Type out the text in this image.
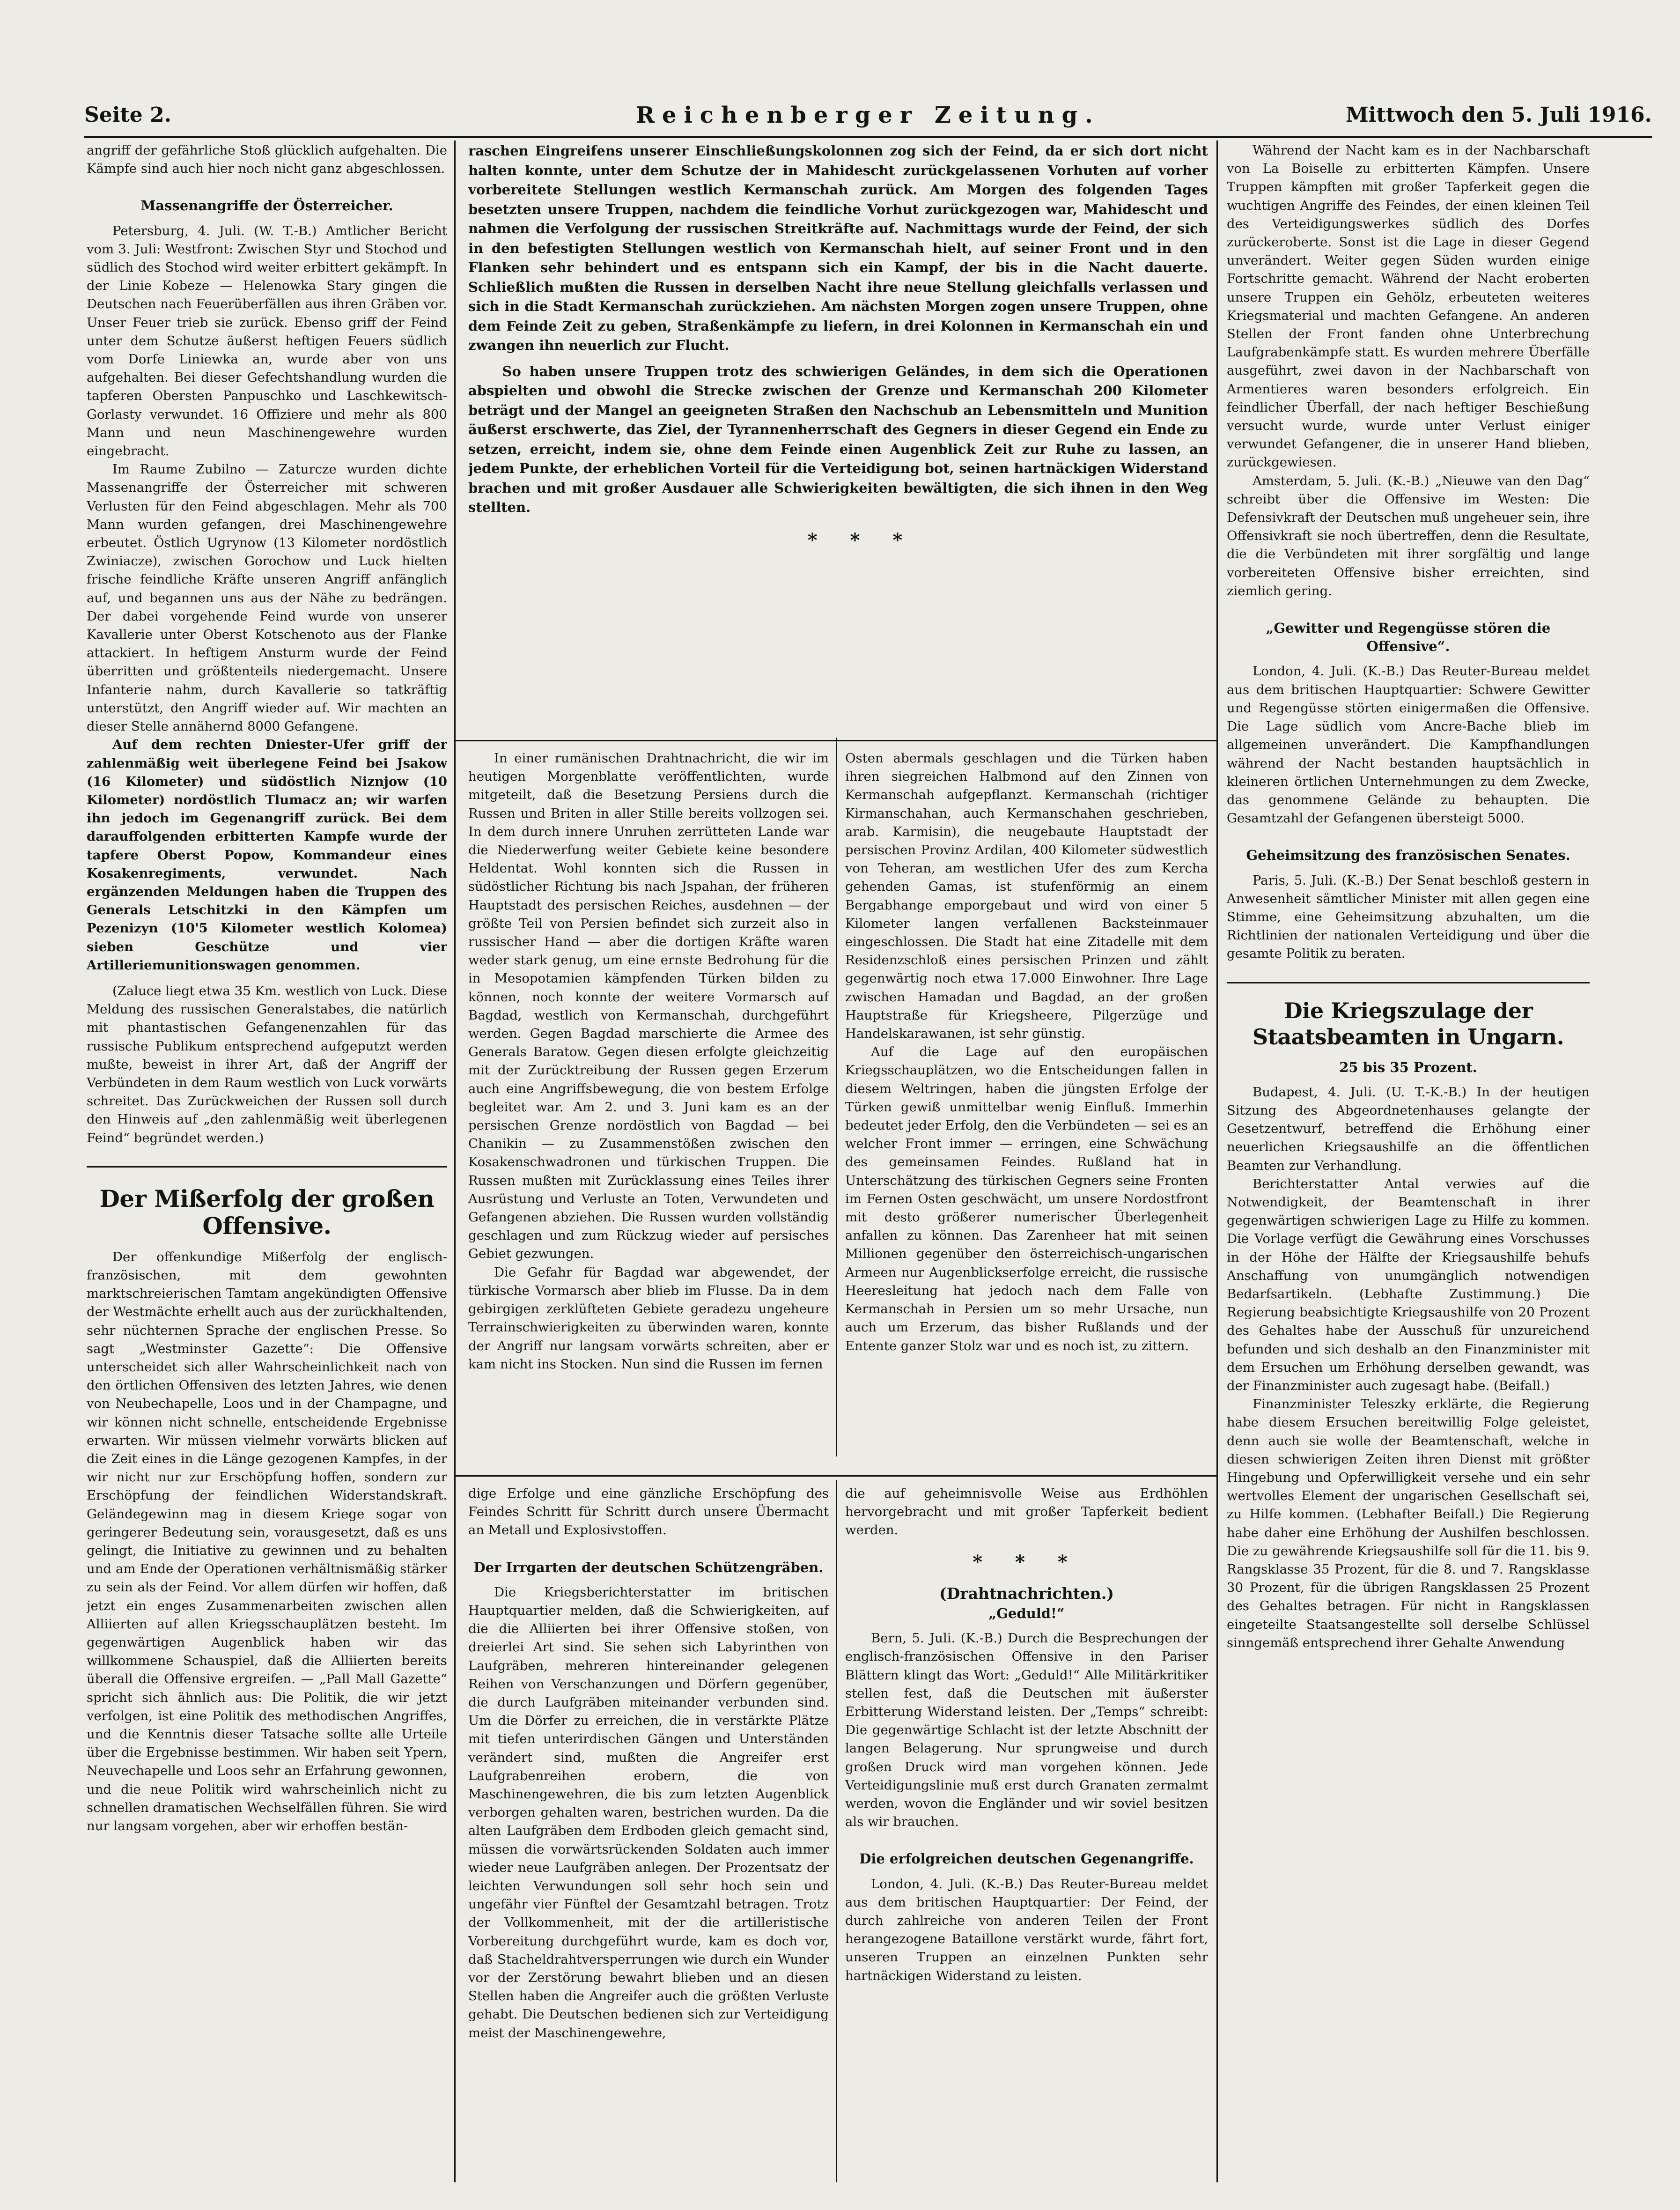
Seite 2.	Reichenberger Zeitung.	Mittwoch den 5. Juli 1916.

angriff der gefährliche Stoß glücklich aufgehalten. Die Kämpfe sind auch hier noch nicht ganz abgeschlossen.

Massenangriffe der Österreicher.

Petersburg, 4. Juli. (W. T.-B.) Amtlicher Bericht vom 3. Juli: Westfront: Zwischen Styr und Stochod und südlich des Stochod wird weiter erbittert gekämpft. In der Linie Kobeze — Helenowka Stary gingen die Deutschen nach Feuerüberfällen aus ihren Gräben vor. Unser Feuer trieb sie zurück. Ebenso griff der Feind unter dem Schutze äußerst heftigen Feuers südlich vom Dorfe Liniewka an, wurde aber von uns aufgehalten. Bei dieser Gefechtshandlung wurden die tapferen Obersten Panpuschko und Laschkewitsch-Gorlasty verwundet. 16 Offiziere und mehr als 800 Mann und neun Maschinengewehre wurden eingebracht.

Im Raume Zubilno — Zaturcze wurden dichte Massenangriffe der Österreicher mit schweren Verlusten für den Feind abgeschlagen. Mehr als 700 Mann wurden gefangen, drei Maschinengewehre erbeutet. Östlich Ugrynow (13 Kilometer nordöstlich Zwiniacze), zwischen Gorochow und Luck hielten frische feindliche Kräfte unseren Angriff anfänglich auf, und begannen uns aus der Nähe zu bedrängen. Der dabei vorgehende Feind wurde von unserer Kavallerie unter Oberst Kotschenoto aus der Flanke attackiert. In heftigem Ansturm wurde der Feind überritten und größtenteils niedergemacht. Unsere Infanterie nahm, durch Kavallerie so tatkräftig unterstützt, den Angriff wieder auf. Wir machten an dieser Stelle annähernd 8000 Gefangene.

Auf dem rechten Dniester-Ufer griff der zahlenmäßig weit überlegene Feind bei Jsakow (16 Kilometer) und südöstlich Niznjow (10 Kilometer) nordöstlich Tlumacz an; wir warfen ihn jedoch im Gegenangriff zurück. Bei dem darauffolgenden erbitterten Kampfe wurde der tapfere Oberst Popow, Kommandeur eines Kosakenregiments, verwundet. Nach ergänzenden Meldungen haben die Truppen des Generals Letschitzki in den Kämpfen um Pezenizyn (10'5 Kilometer westlich Kolomea) sieben Geschütze und vier Artilleriemunitionswagen genommen.

(Zaluce liegt etwa 35 Km. westlich von Luck. Diese Meldung des russischen Generalstabes, die natürlich mit phantastischen Gefangenenzahlen für das russische Publikum entsprechend aufgeputzt werden mußte, beweist in ihrer Art, daß der Angriff der Verbündeten in dem Raum westlich von Luck vorwärts schreitet. Das Zurückweichen der Russen soll durch den Hinweis auf „den zahlenmäßig weit überlegenen Feind“ begründet werden.)

Der Mißerfolg der großen Offensive.

Der offenkundige Mißerfolg der englisch-französischen, mit dem gewohnten marktschreierischen Tamtam angekündigten Offensive der Westmächte erhellt auch aus der zurückhaltenden, sehr nüchternen Sprache der englischen Presse. So sagt „Westminster Gazette“: Die Offensive unterscheidet sich aller Wahrscheinlichkeit nach von den örtlichen Offensiven des letzten Jahres, wie denen von Neubechapelle, Loos und in der Champagne, und wir können nicht schnelle, entscheidende Ergebnisse erwarten. Wir müssen vielmehr vorwärts blicken auf die Zeit eines in die Länge gezogenen Kampfes, in der wir nicht nur zur Erschöpfung hoffen, sondern zur Erschöpfung der feindlichen Widerstandskraft. Geländegewinn mag in diesem Kriege sogar von geringerer Bedeutung sein, vorausgesetzt, daß es uns gelingt, die Initiative zu gewinnen und zu behalten und am Ende der Operationen verhältnismäßig stärker zu sein als der Feind. Vor allem dürfen wir hoffen, daß jetzt ein enges Zusammenarbeiten zwischen allen Alliierten auf allen Kriegsschauplätzen besteht. Im gegenwärtigen Augenblick haben wir das willkommene Schauspiel, daß die Alliierten bereits überall die Offensive ergreifen. — „Pall Mall Gazette“ spricht sich ähnlich aus: Die Politik, die wir jetzt verfolgen, ist eine Politik des methodischen Angriffes, und die Kenntnis dieser Tatsache sollte alle Urteile über die Ergebnisse bestimmen. Wir haben seit Ypern, Neuvechapelle und Loos sehr an Erfahrung gewonnen, und die neue Politik wird wahrscheinlich nicht zu schnellen dramatischen Wechselfällen führen. Sie wird nur langsam vorgehen, aber wir erhoffen bestän-

raschen Eingreifens unserer Einschließungskolonnen zog sich der Feind, da er sich dort nicht halten konnte, unter dem Schutze der in Mahidescht zurückgelassenen Vorhuten auf vorher vorbereitete Stellungen westlich Kermanschah zurück. Am Morgen des folgenden Tages besetzten unsere Truppen, nachdem die feindliche Vorhut zurückgezogen war, Mahidescht und nahmen die Verfolgung der russischen Streitkräfte auf. Nachmittags wurde der Feind, der sich in den befestigten Stellungen westlich von Kermanschah hielt, auf seiner Front und in den Flanken sehr behindert und es entspann sich ein Kampf, der bis in die Nacht dauerte. Schließlich mußten die Russen in derselben Nacht ihre neue Stellung gleichfalls verlassen und sich in die Stadt Kermanschah zurückziehen. Am nächsten Morgen zogen unsere Truppen, ohne dem Feinde Zeit zu geben, Straßenkämpfe zu liefern, in drei Kolonnen in Kermanschah ein und zwangen ihn neuerlich zur Flucht.

So haben unsere Truppen trotz des schwierigen Geländes, in dem sich die Operationen abspielten und obwohl die Strecke zwischen der Grenze und Kermanschah 200 Kilometer beträgt und der Mangel an geeigneten Straßen den Nachschub an Lebensmitteln und Munition äußerst erschwerte, das Ziel, der Tyrannenherrschaft des Gegners in dieser Gegend ein Ende zu setzen, erreicht, indem sie, ohne dem Feinde einen Augenblick Zeit zur Ruhe zu lassen, an jedem Punkte, der erheblichen Vorteil für die Verteidigung bot, seinen hartnäckigen Widerstand brachen und mit großer Ausdauer alle Schwierigkeiten bewältigten, die sich ihnen in den Weg stellten.

* * *

In einer rumänischen Drahtnachricht, die wir im heutigen Morgenblatte veröffentlichten, wurde mitgeteilt, daß die Besetzung Persiens durch die Russen und Briten in aller Stille bereits vollzogen sei. In dem durch innere Unruhen zerrütteten Lande war die Niederwerfung weiter Gebiete keine besondere Heldentat. Wohl konnten sich die Russen in südöstlicher Richtung bis nach Jspahan, der früheren Hauptstadt des persischen Reiches, ausdehnen — der größte Teil von Persien befindet sich zurzeit also in russischer Hand — aber die dortigen Kräfte waren weder stark genug, um eine ernste Bedrohung für die in Mesopotamien kämpfenden Türken bilden zu können, noch konnte der weitere Vormarsch auf Bagdad, westlich von Kermanschah, durchgeführt werden. Gegen Bagdad marschierte die Armee des Generals Baratow. Gegen diesen erfolgte gleichzeitig mit der Zurücktreibung der Russen gegen Erzerum auch eine Angriffsbewegung, die von bestem Erfolge begleitet war. Am 2. und 3. Juni kam es an der persischen Grenze nordöstlich von Bagdad — bei Chanikin — zu Zusammenstößen zwischen den Kosakenschwadronen und türkischen Truppen. Die Russen mußten mit Zurücklassung eines Teiles ihrer Ausrüstung und Verluste an Toten, Verwundeten und Gefangenen abziehen. Die Russen wurden vollständig geschlagen und zum Rückzug wieder auf persisches Gebiet gezwungen.

Die Gefahr für Bagdad war abgewendet, der türkische Vormarsch aber blieb im Flusse. Da in dem gebirgigen zerklüfteten Gebiete geradezu ungeheure Terrainschwierigkeiten zu überwinden waren, konnte der Angriff nur langsam vorwärts schreiten, aber er kam nicht ins Stocken. Nun sind die Russen im fernen

Osten abermals geschlagen und die Türken haben ihren siegreichen Halbmond auf den Zinnen von Kermanschah aufgepflanzt. Kermanschah (richtiger Kirmanschahan, auch Kermanschahen geschrieben, arab. Karmisin), die neugebaute Hauptstadt der persischen Provinz Ardilan, 400 Kilometer südwestlich von Teheran, am westlichen Ufer des zum Kercha gehenden Gamas, ist stufenförmig an einem Bergabhange emporgebaut und wird von einer 5 Kilometer langen verfallenen Backsteinmauer eingeschlossen. Die Stadt hat eine Zitadelle mit dem Residenzschloß eines persischen Prinzen und zählt gegenwärtig noch etwa 17.000 Einwohner. Ihre Lage zwischen Hamadan und Bagdad, an der großen Hauptstraße für Kriegsheere, Pilgerzüge und Handelskarawanen, ist sehr günstig.

Auf die Lage auf den europäischen Kriegsschauplätzen, wo die Entscheidungen fallen in diesem Weltringen, haben die jüngsten Erfolge der Türken gewiß unmittelbar wenig Einfluß. Immerhin bedeutet jeder Erfolg, den die Verbündeten — sei es an welcher Front immer — erringen, eine Schwächung des gemeinsamen Feindes. Rußland hat in Unterschätzung des türkischen Gegners seine Fronten im Fernen Osten geschwächt, um unsere Nordostfront mit desto größerer numerischer Überlegenheit anfallen zu können. Das Zarenheer hat mit seinen Millionen gegenüber den österreichisch-ungarischen Armeen nur Augenblickserfolge erreicht, die russische Heeresleitung hat jedoch nach dem Falle von Kermanschah in Persien um so mehr Ursache, nun auch um Erzerum, das bisher Rußlands und der Entente ganzer Stolz war und es noch ist, zu zittern.

dige Erfolge und eine gänzliche Erschöpfung des Feindes Schritt für Schritt durch unsere Übermacht an Metall und Explosivstoffen.

Der Irrgarten der deutschen Schützengräben.

Die Kriegsberichterstatter im britischen Hauptquartier melden, daß die Schwierigkeiten, auf die die Alliierten bei ihrer Offensive stoßen, von dreierlei Art sind. Sie sehen sich Labyrinthen von Laufgräben, mehreren hintereinander gelegenen Reihen von Verschanzungen und Dörfern gegenüber, die durch Laufgräben miteinander verbunden sind. Um die Dörfer zu erreichen, die in verstärkte Plätze mit tiefen unterirdischen Gängen und Unterständen verändert sind, mußten die Angreifer erst Laufgrabenreihen erobern, die von Maschinengewehren, die bis zum letzten Augenblick verborgen gehalten waren, bestrichen wurden. Da die alten Laufgräben dem Erdboden gleich gemacht sind, müssen die vorwärtsrückenden Soldaten auch immer wieder neue Laufgräben anlegen. Der Prozentsatz der leichten Verwundungen soll sehr hoch sein und ungefähr vier Fünftel der Gesamtzahl betragen. Trotz der Vollkommenheit, mit der die artilleristische Vorbereitung durchgeführt wurde, kam es doch vor, daß Stacheldrahtversperrungen wie durch ein Wunder vor der Zerstörung bewahrt blieben und an diesen Stellen haben die Angreifer auch die größten Verluste gehabt. Die Deutschen bedienen sich zur Verteidigung meist der Maschinengewehre,

die auf geheimnisvolle Weise aus Erdhöhlen hervorgebracht und mit großer Tapferkeit bedient werden.

* * *

(Drahtnachrichten.)

„Geduld!“

Bern, 5. Juli. (K.-B.) Durch die Besprechungen der englisch-französischen Offensive in den Pariser Blättern klingt das Wort: „Geduld!“ Alle Militärkritiker stellen fest, daß die Deutschen mit äußerster Erbitterung Widerstand leisten. Der „Temps“ schreibt: Die gegenwärtige Schlacht ist der letzte Abschnitt der langen Belagerung. Nur sprungweise und durch großen Druck wird man vorgehen können. Jede Verteidigungslinie muß erst durch Granaten zermalmt werden, wovon die Engländer und wir soviel besitzen als wir brauchen.

Die erfolgreichen deutschen Gegenangriffe.

London, 4. Juli. (K.-B.) Das Reuter-Bureau meldet aus dem britischen Hauptquartier: Der Feind, der durch zahlreiche von anderen Teilen der Front herangezogene Bataillone verstärkt wurde, fährt fort, unseren Truppen an einzelnen Punkten sehr hartnäckigen Widerstand zu leisten.

Während der Nacht kam es in der Nachbarschaft von La Boiselle zu erbitterten Kämpfen. Unsere Truppen kämpften mit großer Tapferkeit gegen die wuchtigen Angriffe des Feindes, der einen kleinen Teil des Verteidigungswerkes südlich des Dorfes zurückeroberte. Sonst ist die Lage in dieser Gegend unverändert. Weiter gegen Süden wurden einige Fortschritte gemacht. Während der Nacht eroberten unsere Truppen ein Gehölz, erbeuteten weiteres Kriegsmaterial und machten Gefangene. An anderen Stellen der Front fanden ohne Unterbrechung Laufgrabenkämpfe statt. Es wurden mehrere Überfälle ausgeführt, zwei davon in der Nachbarschaft von Armentieres waren besonders erfolgreich. Ein feindlicher Überfall, der nach heftiger Beschießung versucht wurde, wurde unter Verlust einiger verwundet Gefangener, die in unserer Hand blieben, zurückgewiesen.

Amsterdam, 5. Juli. (K.-B.) „Nieuwe van den Dag“ schreibt über die Offensive im Westen: Die Defensivkraft der Deutschen muß ungeheuer sein, ihre Offensivkraft sie noch übertreffen, denn die Resultate, die die Verbündeten mit ihrer sorgfältig und lange vorbereiteten Offensive bisher erreichten, sind ziemlich gering.

„Gewitter und Regengüsse stören die Offensive“.

London, 4. Juli. (K.-B.) Das Reuter-Bureau meldet aus dem britischen Hauptquartier: Schwere Gewitter und Regengüsse störten einigermaßen die Offensive. Die Lage südlich vom Ancre-Bache blieb im allgemeinen unverändert. Die Kampfhandlungen während der Nacht bestanden hauptsächlich in kleineren örtlichen Unternehmungen zu dem Zwecke, das genommene Gelände zu behaupten. Die Gesamtzahl der Gefangenen übersteigt 5000.

Geheimsitzung des französischen Senates.

Paris, 5. Juli. (K.-B.) Der Senat beschloß gestern in Anwesenheit sämtlicher Minister mit allen gegen eine Stimme, eine Geheimsitzung abzuhalten, um die Richtlinien der nationalen Verteidigung und über die gesamte Politik zu beraten.

Die Kriegszulage der Staatsbeamten in Ungarn.

25 bis 35 Prozent.

Budapest, 4. Juli. (U. T.-K.-B.) In der heutigen Sitzung des Abgeordnetenhauses gelangte der Gesetzentwurf, betreffend die Erhöhung einer neuerlichen Kriegsaushilfe an die öffentlichen Beamten zur Verhandlung.

Berichterstatter Antal verwies auf die Notwendigkeit, der Beamtenschaft in ihrer gegenwärtigen schwierigen Lage zu Hilfe zu kommen. Die Vorlage verfügt die Gewährung eines Vorschusses in der Höhe der Hälfte der Kriegsaushilfe behufs Anschaffung von unumgänglich notwendigen Bedarfsartikeln. (Lebhafte Zustimmung.) Die Regierung beabsichtigte Kriegsaushilfe von 20 Prozent des Gehaltes habe der Ausschuß für unzureichend befunden und sich deshalb an den Finanzminister mit dem Ersuchen um Erhöhung derselben gewandt, was der Finanzminister auch zugesagt habe. (Beifall.)

Finanzminister Teleszky erklärte, die Regierung habe diesem Ersuchen bereitwillig Folge geleistet, denn auch sie wolle der Beamtenschaft, welche in diesen schwierigen Zeiten ihren Dienst mit größter Hingebung und Opferwilligkeit versehe und ein sehr wertvolles Element der ungarischen Gesellschaft sei, zu Hilfe kommen. (Lebhafter Beifall.) Die Regierung habe daher eine Erhöhung der Aushilfen beschlossen. Die zu gewährende Kriegsaushilfe soll für die 11. bis 9. Rangsklasse 35 Prozent, für die 8. und 7. Rangsklasse 30 Prozent, für die übrigen Rangsklassen 25 Prozent des Gehaltes betragen. Für nicht in Rangsklassen eingeteilte Staatsangestellte soll derselbe Schlüssel sinngemäß entsprechend ihrer Gehalte Anwendung
